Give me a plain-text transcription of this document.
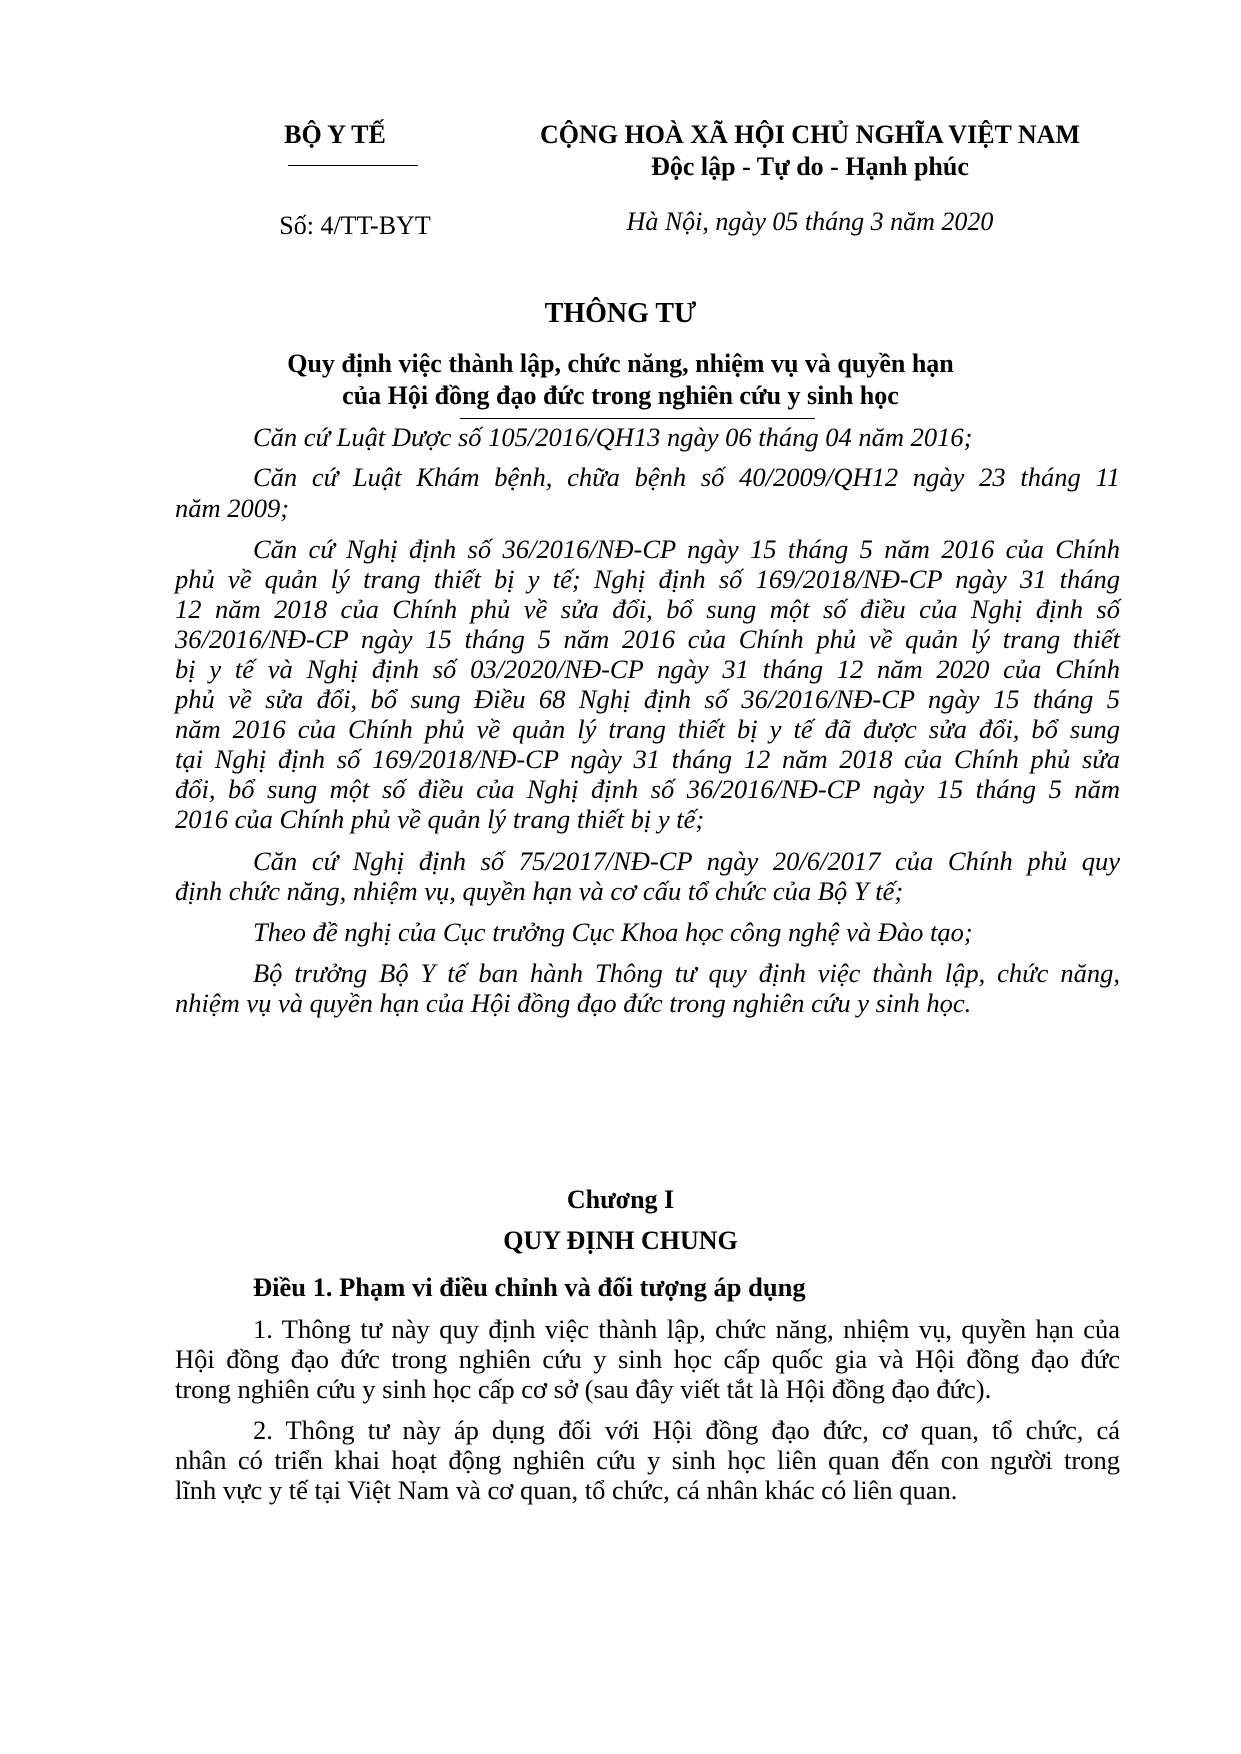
BỘ Y TẾ
Số: 4/TT-BYT
CỘNG HOÀ XÃ HỘI CHỦ NGHĨA VIỆT NAM
Độc lập - Tự do - Hạnh phúc
Hà Nội, ngày 05 tháng 3 năm 2020
THÔNG TƯ
Quy định việc thành lập, chức năng, nhiệm vụ và quyền hạn
của Hội đồng đạo đức trong nghiên cứu y sinh học
Căn cứ Luật Dược số 105/2016/QH13 ngày 06 tháng 04 năm 2016;
Căn cứ Luật Khám bệnh, chữa bệnh số 40/2009/QH12 ngày 23 tháng 11
năm 2009;
Căn cứ Nghị định số 36/2016/NĐ-CP ngày 15 tháng 5 năm 2016 của Chính
phủ về quản lý trang thiết bị y tế; Nghị định số 169/2018/NĐ-CP ngày 31 tháng
12 năm 2018 của Chính phủ về sửa đổi, bổ sung một số điều của Nghị định số
36/2016/NĐ-CP ngày 15 tháng 5 năm 2016 của Chính phủ về quản lý trang thiết
bị y tế và Nghị định số 03/2020/NĐ-CP ngày 31 tháng 12 năm 2020 của Chính
phủ về sửa đổi, bổ sung Điều 68 Nghị định số 36/2016/NĐ-CP ngày 15 tháng 5
năm 2016 của Chính phủ về quản lý trang thiết bị y tế đã được sửa đổi, bổ sung
tại Nghị định số 169/2018/NĐ-CP ngày 31 tháng 12 năm 2018 của Chính phủ sửa
đổi, bổ sung một số điều của Nghị định số 36/2016/NĐ-CP ngày 15 tháng 5 năm
2016 của Chính phủ về quản lý trang thiết bị y tế;
Căn cứ Nghị định số 75/2017/NĐ-CP ngày 20/6/2017 của Chính phủ quy
định chức năng, nhiệm vụ, quyền hạn và cơ cấu tổ chức của Bộ Y tế;
Theo đề nghị của Cục trưởng Cục Khoa học công nghệ và Đào tạo;
Bộ trưởng Bộ Y tế ban hành Thông tư quy định việc thành lập, chức năng,
nhiệm vụ và quyền hạn của Hội đồng đạo đức trong nghiên cứu y sinh học.
Chương I
QUY ĐỊNH CHUNG
Điều 1. Phạm vi điều chỉnh và đối tượng áp dụng
1. Thông tư này quy định việc thành lập, chức năng, nhiệm vụ, quyền hạn của
Hội đồng đạo đức trong nghiên cứu y sinh học cấp quốc gia và Hội đồng đạo đức
trong nghiên cứu y sinh học cấp cơ sở (sau đây viết tắt là Hội đồng đạo đức).
2. Thông tư này áp dụng đối với Hội đồng đạo đức, cơ quan, tổ chức, cá
nhân có triển khai hoạt động nghiên cứu y sinh học liên quan đến con người trong
lĩnh vực y tế tại Việt Nam và cơ quan, tổ chức, cá nhân khác có liên quan.
